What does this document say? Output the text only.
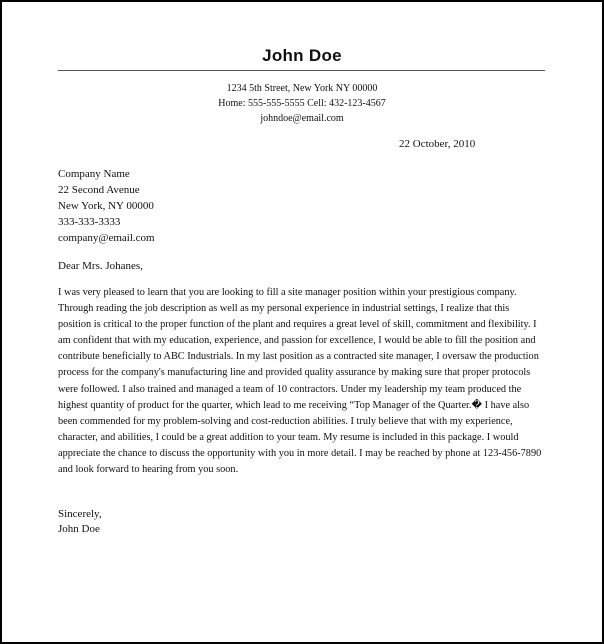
John Doe
1234 5th Street, New York NY 00000
Home: 555-555-5555 Cell: 432-123-4567
johndoe@email.com
22 October, 2010
Company Name
22 Second Avenue
New York, NY 00000
333-333-3333
company@email.com
Dear Mrs. Johanes,

I was very pleased to learn that you are looking to fill a site manager position within your prestigious company. Through reading the job description as well as my personal experience in industrial settings, I realize that this position is critical to the proper function of the plant and requires a great level of skill, commitment and flexibility. I am confident that with my education, experience, and passion for excellence, I would be able to fill the position and contribute beneficially to ABC Industrials. In my last position as a contracted site manager, I oversaw the production process for the company's manufacturing line and provided quality assurance by making sure that proper protocols were followed. I also trained and managed a team of 10 contractors. Under my leadership my team produced the highest quantity of product for the quarter, which lead to me receiving “Top Manager of the Quarter.� I have also been commended for my problem-solving and cost-reduction abilities. I truly believe that with my experience, character, and abilities, I could be a great addition to your team. My resume is included in this package. I would appreciate the chance to discuss the opportunity with you in more detail. I may be reached by phone at 123-456-7890 and look forward to hearing from you soon.

Sincerely,
John Doe
